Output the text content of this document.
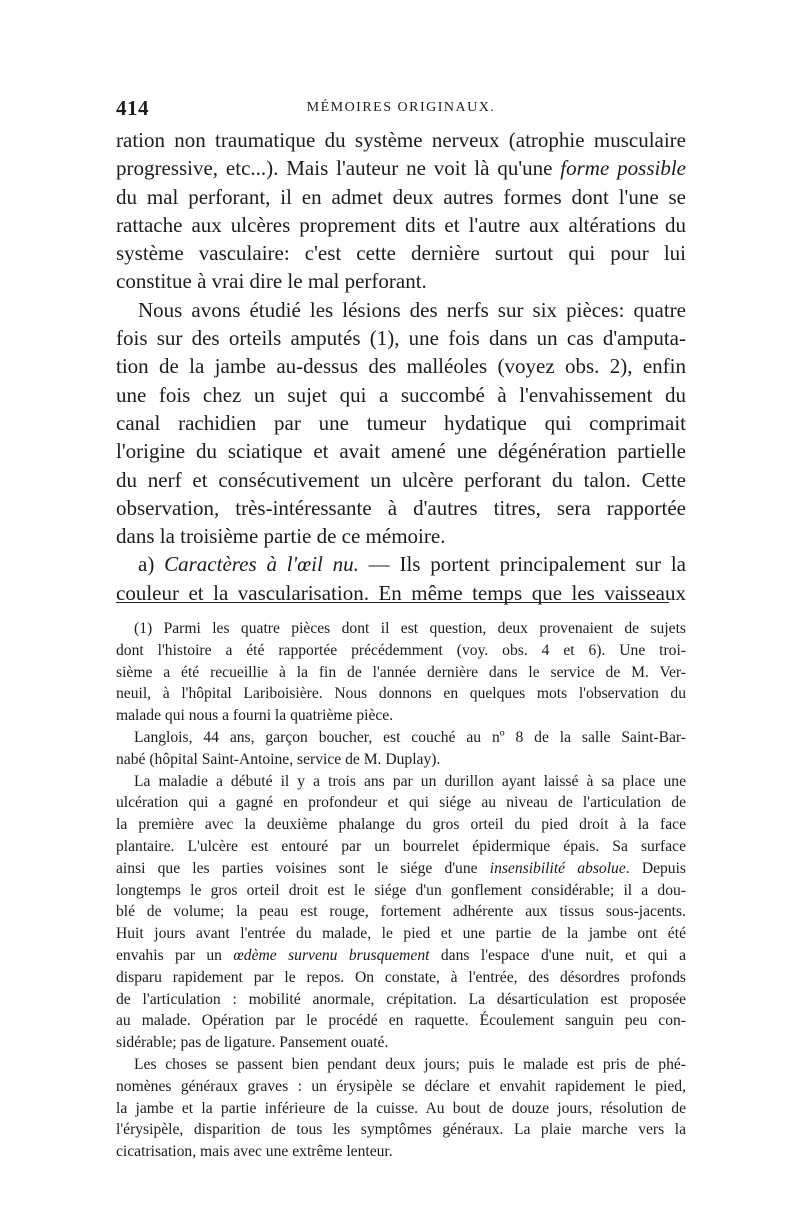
414	MÉMOIRES ORIGINAUX.
ration non traumatique du système nerveux (atrophie musculaire
progressive, etc...). Mais l'auteur ne voit là qu'une forme possible
du mal perforant, il en admet deux autres formes dont l'une se
rattache aux ulcères proprement dits et l'autre aux altérations du
système vasculaire: c'est cette dernière surtout qui pour lui
constitue à vrai dire le mal perforant.
Nous avons étudié les lésions des nerfs sur six pièces: quatre
fois sur des orteils amputés (1), une fois dans un cas d'amputa-
tion de la jambe au-dessus des malléoles (voyez obs. 2), enfin
une fois chez un sujet qui a succombé à l'envahissement du
canal rachidien par une tumeur hydatique qui comprimait
l'origine du sciatique et avait amené une dégénération partielle
du nerf et consécutivement un ulcère perforant du talon. Cette
observation, très-intéressante à d'autres titres, sera rapportée
dans la troisième partie de ce mémoire.
a) Caractères à l'œil nu. — Ils portent principalement sur la
couleur et la vascularisation. En même temps que les vaisseaux
(1) Parmi les quatre pièces dont il est question, deux provenaient de sujets
dont l'histoire a été rapportée précédemment (voy. obs. 4 et 6). Une troi-
sième a été recueillie à la fin de l'année dernière dans le service de M. Ver-
neuil, à l'hôpital Lariboisière. Nous donnons en quelques mots l'observation du
malade qui nous a fourni la quatrième pièce.
Langlois, 44 ans, garçon boucher, est couché au nº 8 de la salle Saint-Bar-
nabé (hôpital Saint-Antoine, service de M. Duplay).
La maladie a débuté il y a trois ans par un durillon ayant laissé à sa place une
ulcération qui a gagné en profondeur et qui siége au niveau de l'articulation de
la première avec la deuxième phalange du gros orteil du pied droit à la face
plantaire. L'ulcère est entouré par un bourrelet épidermique épais. Sa surface
ainsi que les parties voisines sont le siége d'une insensibilité absolue. Depuis
longtemps le gros orteil droit est le siége d'un gonflement considérable; il a dou-
blé de volume; la peau est rouge, fortement adhérente aux tissus sous-jacents.
Huit jours avant l'entrée du malade, le pied et une partie de la jambe ont été
envahis par un œdème survenu brusquement dans l'espace d'une nuit, et qui a
disparu rapidement par le repos. On constate, à l'entrée, des désordres profonds
de l'articulation : mobilité anormale, crépitation. La désarticulation est proposée
au malade. Opération par le procédé en raquette. Écoulement sanguin peu con-
sidérable; pas de ligature. Pansement ouaté.
Les choses se passent bien pendant deux jours; puis le malade est pris de phé-
nomènes généraux graves : un érysipèle se déclare et envahit rapidement le pied,
la jambe et la partie inférieure de la cuisse. Au bout de douze jours, résolution de
l'érysipèle, disparition de tous les symptômes généraux. La plaie marche vers la
cicatrisation, mais avec une extrême lenteur.
